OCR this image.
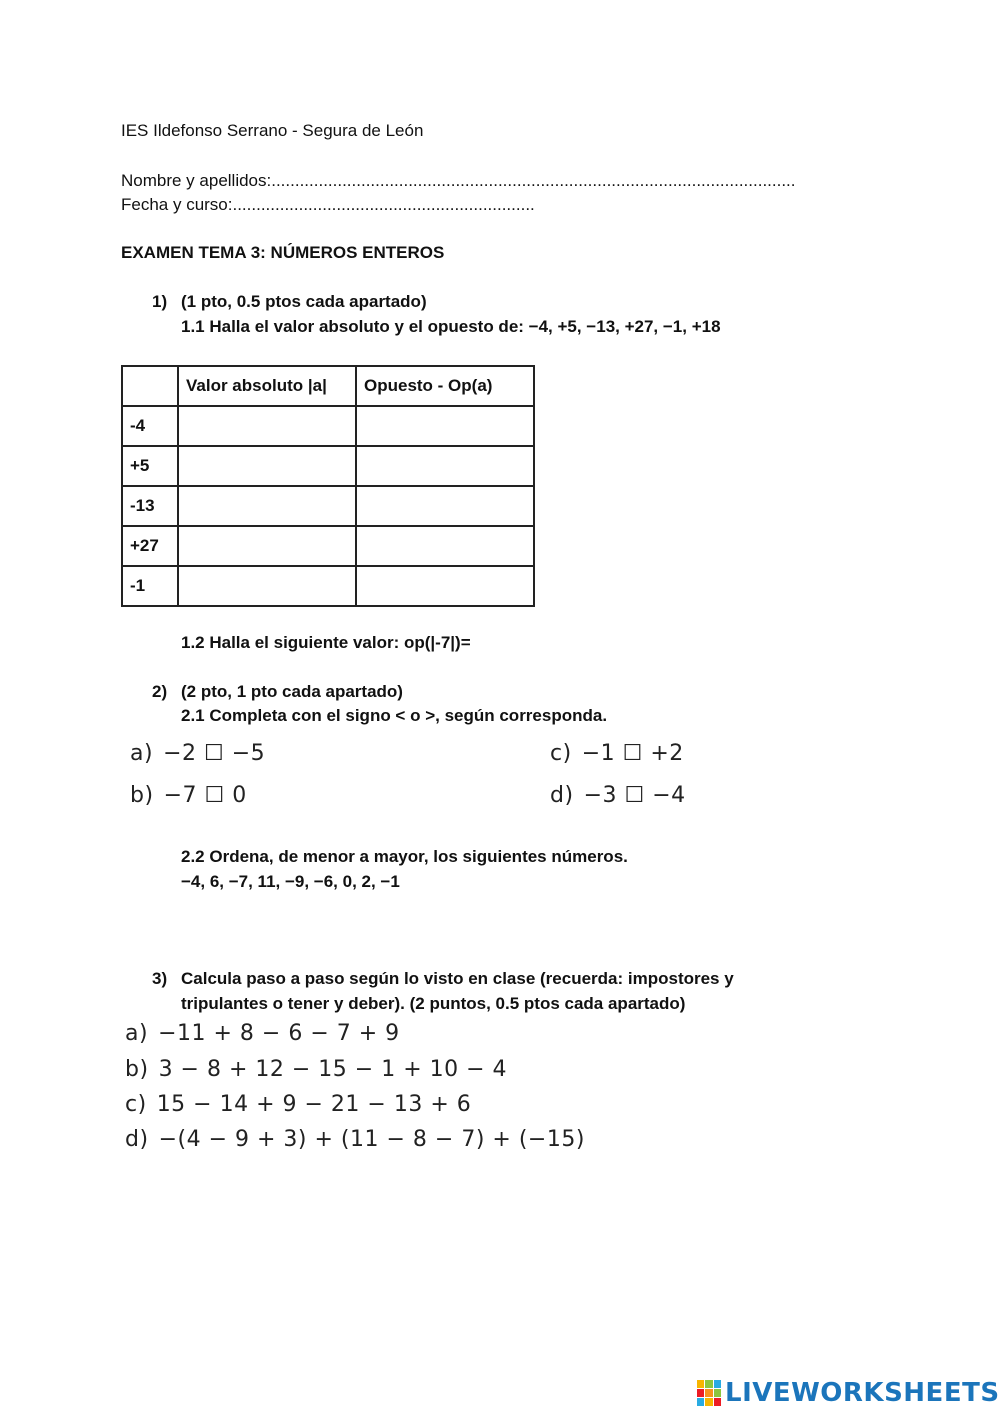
IES Ildefonso Serrano - Segura de León
Nombre y apellidos:...............................................................................................................
Fecha y curso:................................................................
EXAMEN TEMA 3: NÚMEROS ENTEROS
1) (1 pto, 0.5 ptos cada apartado)
1.1 Halla el valor absoluto y el opuesto de: −4, +5, −13, +27, −1, +18
	Valor absoluto |a|	Opuesto - Op(a)
-4		
+5		
-13		
+27		
-1		
1.2 Halla el siguiente valor: op(|-7|)=
2) (2 pto, 1 pto cada apartado)
2.1 Completa con el signo < o >, según corresponda.
a) −2 ☐ −5
b) −7 ☐ 0
c) −1 ☐ +2
d) −3 ☐ −4
2.2 Ordena, de menor a mayor, los siguientes números.
−4, 6, −7, 11, −9, −6, 0, 2, −1
3) Calcula paso a paso según lo visto en clase (recuerda: impostores y
tripulantes o tener y deber). (2 puntos, 0.5 ptos cada apartado)
a) −11 + 8 − 6 − 7 + 9
b) 3 − 8 + 12 − 15 − 1 + 10 − 4
c) 15 − 14 + 9 − 21 − 13 + 6
d) −(4 − 9 + 3) + (11 − 8 − 7) + (−15)
LIVEWORKSHEETS
